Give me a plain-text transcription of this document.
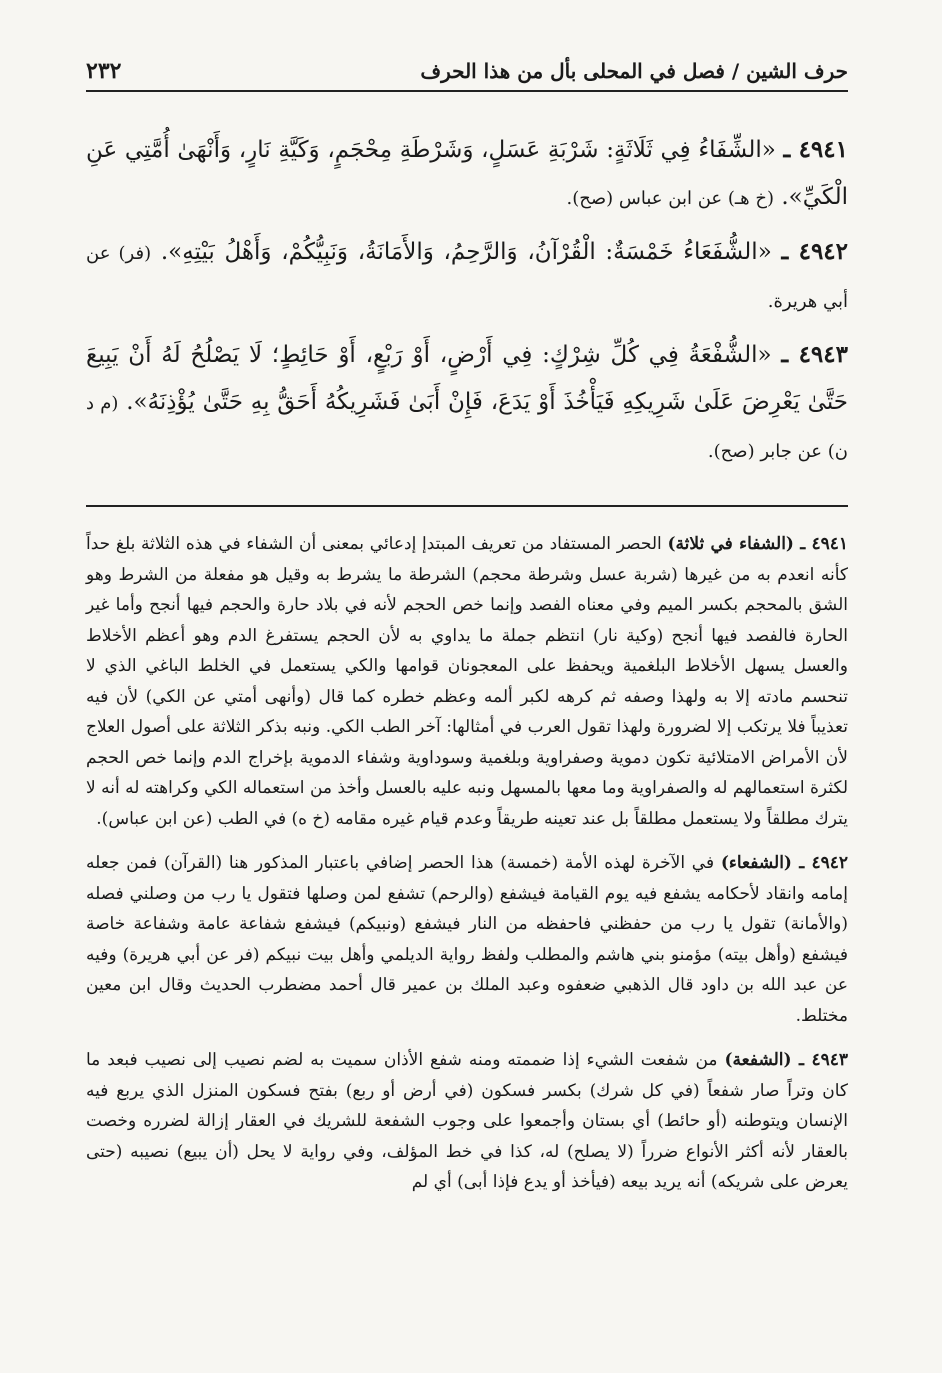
حرف الشين / فصل في المحلى بأل من هذا الحرف
٢٣٢

٤٩٤١ ـ «الشِّفَاءُ فِي ثَلَاثَةٍ: شَرْبَةِ عَسَلٍ، وَشَرْطَةِ مِحْجَمٍ، وَكَيَّةِ نَارٍ، وَأَنْهَىٰ أُمَّتِي عَنِ الْكَيِّ». (خ هـ) عن ابن عباس (صح).

٤٩٤٢ ـ «الشُّفَعَاءُ خَمْسَةٌ: الْقُرْآنُ، وَالرَّحِمُ، وَالأَمَانَةُ، وَنَبِيُّكُمْ، وَأَهْلُ بَيْتِهِ». (فر) عن أبي هريرة.

٤٩٤٣ ـ «الشُّفْعَةُ فِي كُلِّ شِرْكٍ: فِي أَرْضٍ، أَوْ رَبْعٍ، أَوْ حَائِطٍ؛ لَا يَصْلُحُ لَهُ أَنْ يَبِيعَ حَتَّىٰ يَعْرِضَ عَلَىٰ شَرِيكِهِ فَيَأْخُذَ أَوْ يَدَعَ، فَإِنْ أَبَىٰ فَشَرِيكُهُ أَحَقُّ بِهِ حَتَّىٰ يُؤْذِنَهُ». (م د ن) عن جابر (صح).

٤٩٤١ ـ (الشفاء في ثلاثة) الحصر المستفاد من تعريف المبتدإ إدعائي بمعنى أن الشفاء في هذه الثلاثة بلغ حداً كأنه انعدم به من غيرها (شربة عسل وشرطة محجم) الشرطة ما يشرط به وقيل هو مفعلة من الشرط وهو الشق بالمحجم بكسر الميم وفي معناه الفصد وإنما خص الحجم لأنه في بلاد حارة والحجم فيها أنجح وأما غير الحارة فالفصد فيها أنجح (وكية نار) انتظم جملة ما يداوي به لأن الحجم يستفرغ الدم وهو أعظم الأخلاط والعسل يسهل الأخلاط البلغمية ويحفظ على المعجونان قوامها والكي يستعمل في الخلط الباغي الذي لا تنحسم مادته إلا به ولهذا وصفه ثم كرهه لكبر ألمه وعظم خطره كما قال (وأنهى أمتي عن الكي) لأن فيه تعذيباً فلا يرتكب إلا لضرورة ولهذا تقول العرب في أمثالها: آخر الطب الكي. ونبه بذكر الثلاثة على أصول العلاج لأن الأمراض الامتلائية تكون دموية وصفراوية وبلغمية وسوداوية وشفاء الدموية بإخراج الدم وإنما خص الحجم لكثرة استعمالهم له والصفراوية وما معها بالمسهل ونبه عليه بالعسل وأخذ من استعماله الكي وكراهته له أنه لا يترك مطلقاً ولا يستعمل مطلقاً بل عند تعينه طريقاً وعدم قيام غيره مقامه (خ ه) في الطب (عن ابن عباس).

٤٩٤٢ ـ (الشفعاء) في الآخرة لهذه الأمة (خمسة) هذا الحصر إضافي باعتبار المذكور هنا (القرآن) فمن جعله إمامه وانقاد لأحكامه يشفع فيه يوم القيامة فيشفع (والرحم) تشفع لمن وصلها فتقول يا رب من وصلني فصله (والأمانة) تقول يا رب من حفظني فاحفظه من النار فيشفع (ونبيكم) فيشفع شفاعة عامة وشفاعة خاصة فيشفع (وأهل بيته) مؤمنو بني هاشم والمطلب ولفظ رواية الديلمي وأهل بيت نبيكم (فر عن أبي هريرة) وفيه عن عبد الله بن داود قال الذهبي ضعفوه وعبد الملك بن عمير قال أحمد مضطرب الحديث وقال ابن معين مختلط.

٤٩٤٣ ـ (الشفعة) من شفعت الشيء إذا ضممته ومنه شفع الأذان سميت به لضم نصيب إلى نصيب فبعد ما كان وتراً صار شفعاً (في كل شرك) بكسر فسكون (في أرض أو ربع) بفتح فسكون المنزل الذي يربع فيه الإنسان ويتوطنه (أو حائط) أي بستان وأجمعوا على وجوب الشفعة للشريك في العقار إزالة لضرره وخصت بالعقار لأنه أكثر الأنواع ضرراً (لا يصلح) له، كذا في خط المؤلف، وفي رواية لا يحل (أن يبيع) نصيبه (حتى يعرض على شريكه) أنه يريد بيعه (فيأخذ أو يدع فإذا أبى) أي لم
